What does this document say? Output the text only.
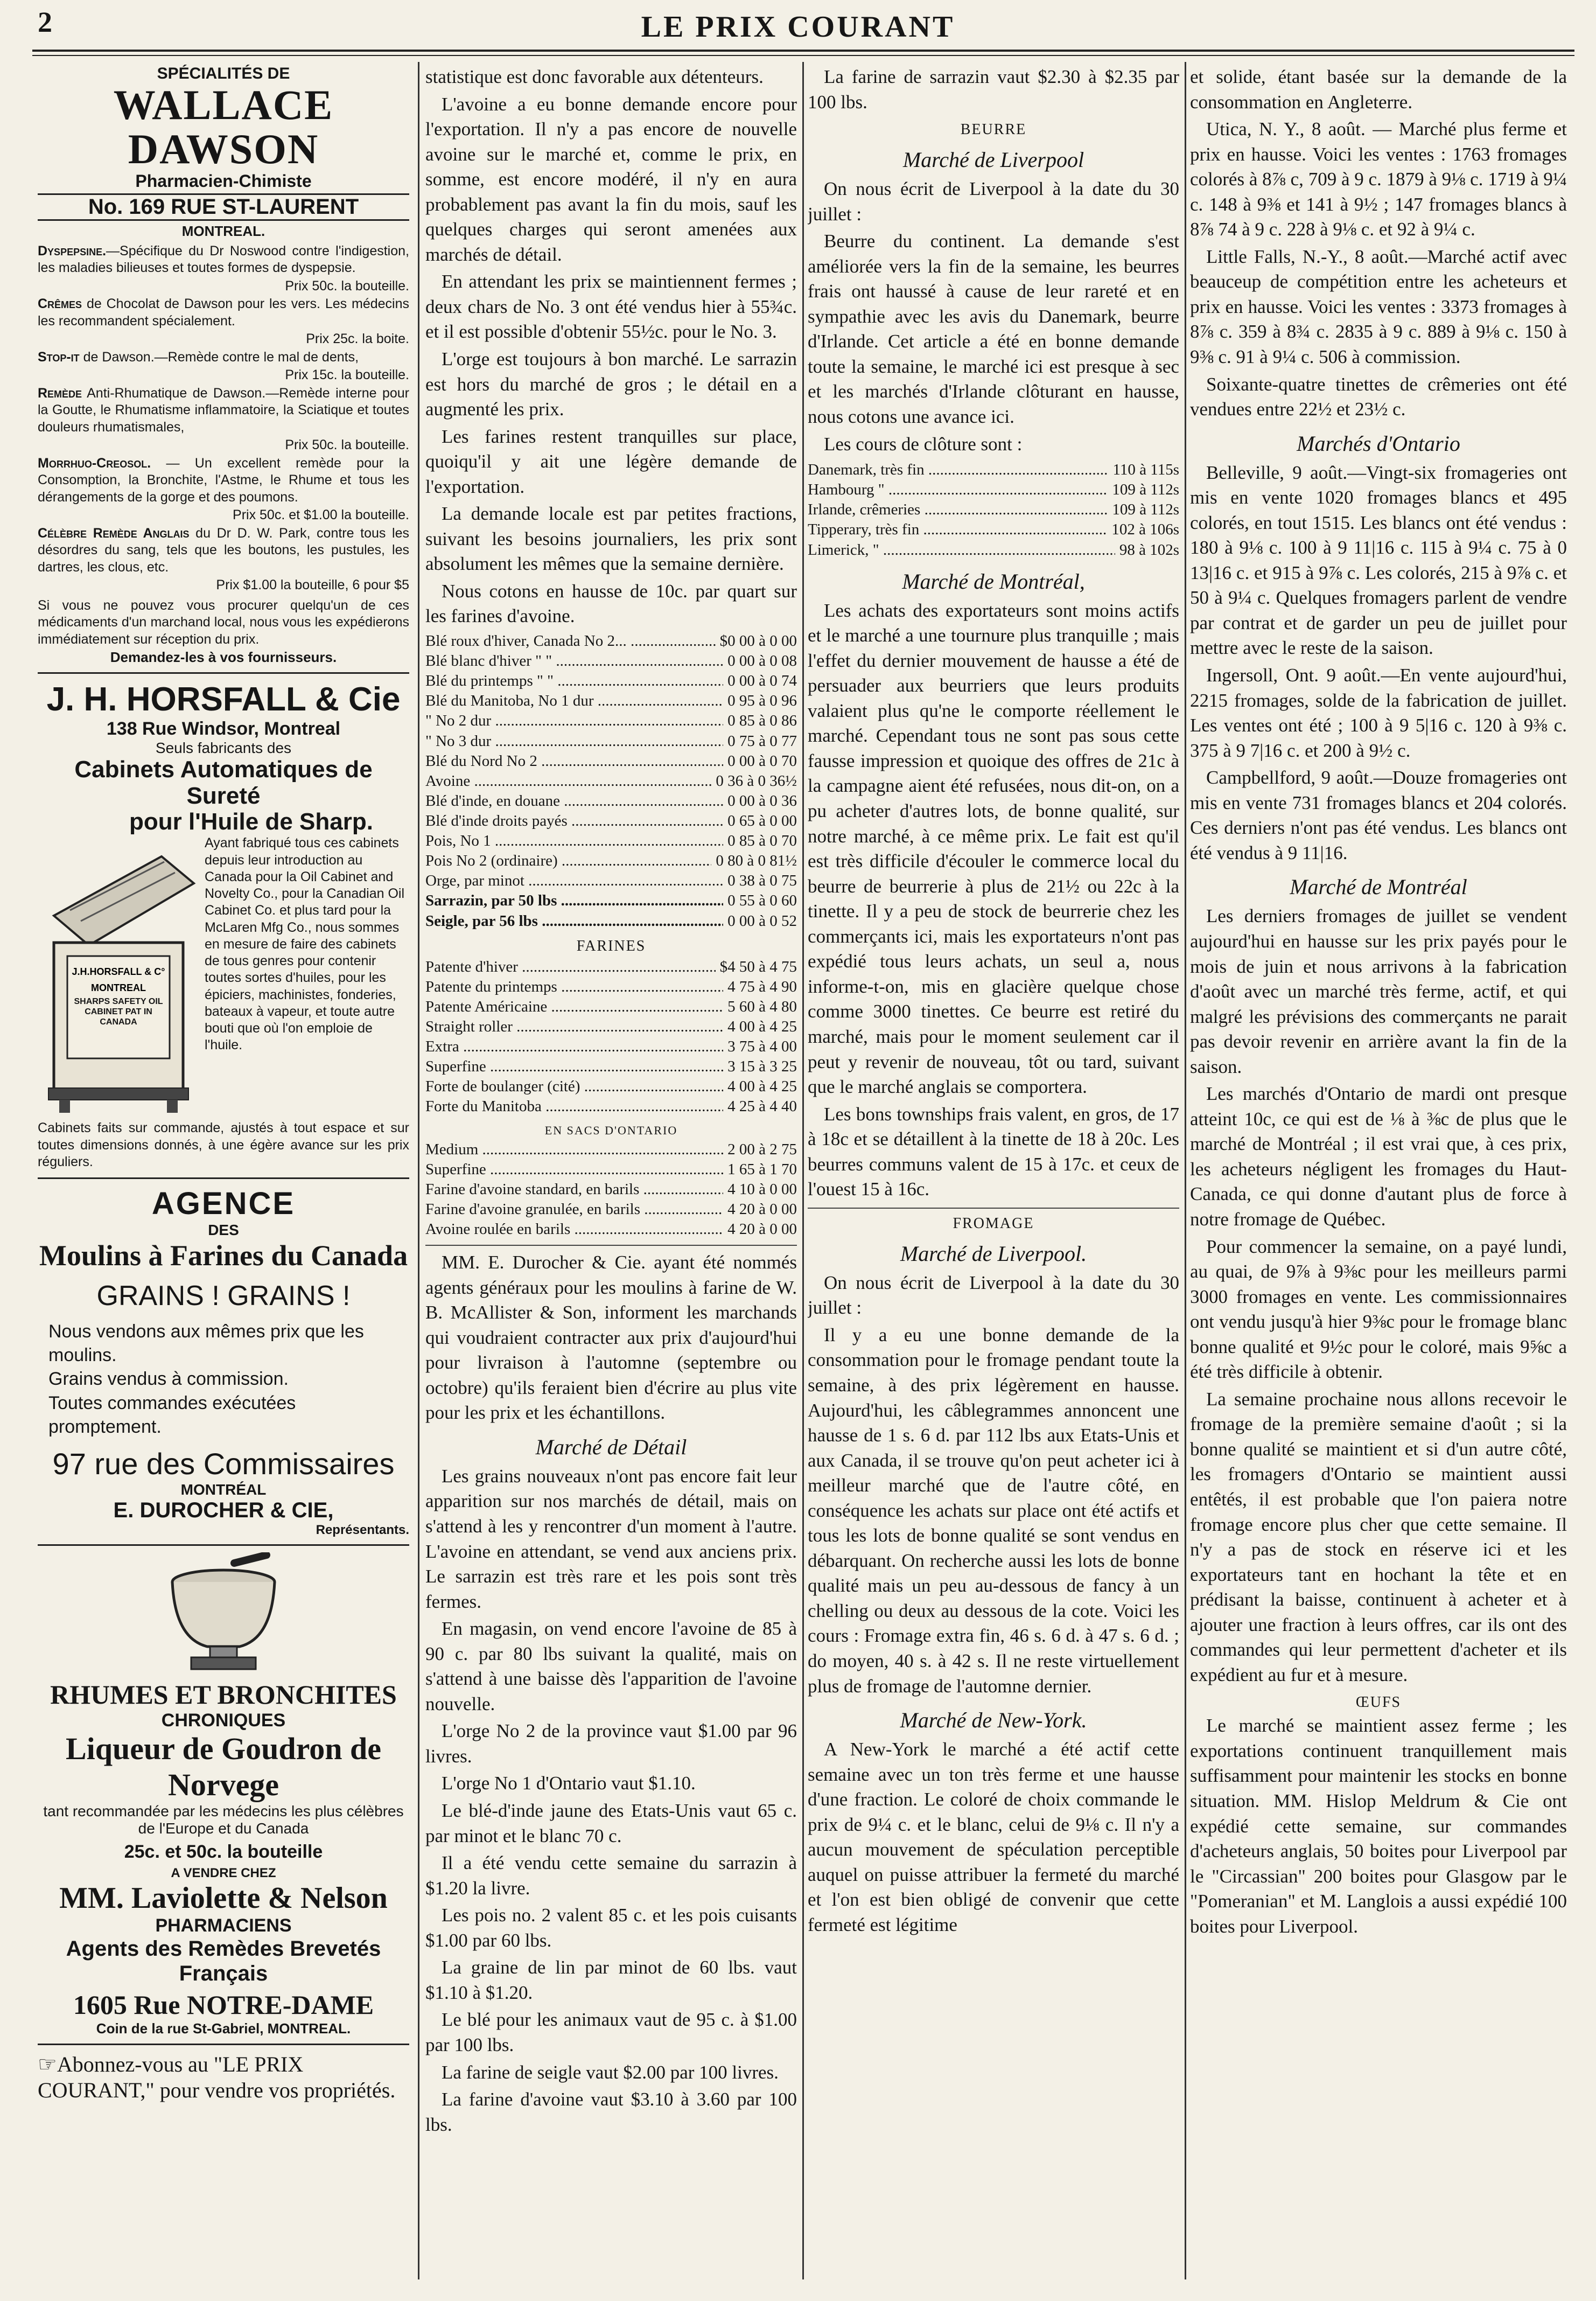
2	LE PRIX COURANT
SPÉCIALITÉS DE
WALLACE DAWSON
Pharmacien-Chimiste
No. 169 RUE ST-LAURENT
MONTREAL.
Dyspepsine.—Spécifique du Dr Noswood contre l'indigestion, les maladies bilieuses et toutes formes de dyspepsie.
Prix 50c. la bouteille.
Crêmes de Chocolat de Dawson pour les vers. Les médecins les recommandent spécialement.
Prix 25c. la boite.
Stop-it de Dawson.—Remède contre le mal de dents,
Prix 15c. la bouteille.
Remède Anti-Rhumatique de Dawson.—Remède interne pour la Goutte, le Rhumatisme inflammatoire, la Sciatique et toutes douleurs rhumatismales,
Prix 50c. la bouteille.
Morrhuo-Creosol. — Un excellent remède pour la Consomption, la Bronchite, l'Astme, le Rhume et tous les dérangements de la gorge et des poumons.
Prix 50c. et $1.00 la bouteille.
Célèbre Remède Anglais du Dr D. W. Park, contre tous les désordres du sang, tels que les boutons, les pustules, les dartres, les clous, etc.
Prix $1.00 la bouteille, 6 pour $5
Si vous ne pouvez vous procurer quelqu'un de ces médicaments d'un marchand local, nous vous les expédierons immédiatement sur réception du prix.
Demandez-les à vos fournisseurs.
J. H. HORSFALL & Cie
138 Rue Windsor, Montreal
Seuls fabricants des
Cabinets Automatiques de Sureté
pour l'Huile de Sharp.
J.H.HORSFALL & C°
MONTREAL
SHARPS SAFETY OIL CABINET PAT IN CANADA
Ayant fabriqué tous ces cabinets depuis leur introduction au Canada pour la Oil Cabinet and Novelty Co., pour la Canadian Oil Cabinet Co. et plus tard pour la McLaren Mfg Co., nous sommes en mesure de faire des cabinets de tous genres pour contenir toutes sortes d'huiles, pour les épiciers, machinistes, fonderies, bateaux à vapeur, et toute autre bouti que où l'on emploie de l'huile.
Cabinets faits sur commande, ajustés à tout espace et sur toutes dimensions donnés, à une égère avance sur les prix réguliers.
AGENCE
DES
Moulins à Farines du Canada
GRAINS ! GRAINS !
Nous vendons aux mêmes prix que les moulins.
Grains vendus à commission.
Toutes commandes exécutées promptement.
97 rue des Commissaires
MONTRÉAL
E. DUROCHER & CIE,
Représentants.
RHUMES ET BRONCHITES
CHRONIQUES
Liqueur de Goudron de Norvege
tant recommandée par les médecins les plus célèbres de l'Europe et du Canada
25c. et 50c. la bouteille
A VENDRE CHEZ
MM. Laviolette & Nelson
PHARMACIENS
Agents des Remèdes Brevetés Français
1605 Rue NOTRE-DAME
Coin de la rue St-Gabriel, MONTREAL.
☞Abonnez-vous au "LE PRIX COURANT," pour vendre vos propriétés.

statistique est donc favorable aux détenteurs.

L'avoine a eu bonne demande encore pour l'exportation. Il n'y a pas encore de nouvelle avoine sur le marché et, comme le prix, en somme, est encore modéré, il n'y en aura probablement pas avant la fin du mois, sauf les quelques charges qui seront amenées aux marchés de détail.

En attendant les prix se maintiennent fermes ; deux chars de No. 3 ont été vendus hier à 55¾c. et il est possible d'obtenir 55½c. pour le No. 3.

L'orge est toujours à bon marché. Le sarrazin est hors du marché de gros ; le détail en a augmenté les prix.

Les farines restent tranquilles sur place, quoiqu'il y ait une légère demande de l'exportation.

La demande locale est par petites fractions, suivant les besoins journaliers, les prix sont absolument les mêmes que la semaine dernière.

Nous cotons en hausse de 10c. par quart sur les farines d'avoine.

Blé roux d'hiver, Canada No 2... .....	$0 00 à 0 00
Blé blanc d'hiver " " .....	0 00 à 0 08
Blé du printemps " " .....	0 00 à 0 74
Blé du Manitoba, No 1 dur .....	0 95 à 0 96
" No 2 dur .....	0 85 à 0 86
" No 3 dur .....	0 75 à 0 77
Blé du Nord No 2 .....	0 00 à 0 70
Avoine .....	0 36 à 0 36½
Blé d'inde, en douane .....	0 00 à 0 36
Blé d'inde droits payés .....	0 65 à 0 00
Pois, No 1 .....	0 85 à 0 70
Pois No 2 (ordinaire) .....	0 80 à 0 81½
Orge, par minot .....	0 38 à 0 75
Sarrazin, par 50 lbs .....	0 55 à 0 60
Seigle, par 56 lbs .....	0 00 à 0 52
FARINES
Patente d'hiver .....	$4 50 à 4 75
Patente du printemps .....	4 75 à 4 90
Patente Américaine .....	5 60 à 4 80
Straight roller .....	4 00 à 4 25
Extra .....	3 75 à 4 00
Superfine .....	3 15 à 3 25
Forte de boulanger (cité) .....	4 00 à 4 25
Forte du Manitoba .....	4 25 à 4 40
EN SACS D'ONTARIO
Medium .....	2 00 à 2 75
Superfine .....	1 65 à 1 70
Farine d'avoine standard, en barils .....	4 10 à 0 00
Farine d'avoine granulée, en barils .....	4 20 à 0 00
Avoine roulée en barils .....	4 20 à 0 00

MM. E. Durocher & Cie. ayant été nommés agents généraux pour les moulins à farine de W. B. McAllister & Son, informent les marchands qui voudraient contracter aux prix d'aujourd'hui pour livraison à l'automne (septembre ou octobre) qu'ils feraient bien d'écrire au plus vite pour les prix et les échantillons.

Marché de Détail

Les grains nouveaux n'ont pas encore fait leur apparition sur nos marchés de détail, mais on s'attend à les y rencontrer d'un moment à l'autre. L'avoine en attendant, se vend aux anciens prix. Le sarrazin est très rare et les pois sont très fermes.

En magasin, on vend encore l'avoine de 85 à 90 c. par 80 lbs suivant la qualité, mais on s'attend à une baisse dès l'apparition de l'avoine nouvelle.

L'orge No 2 de la province vaut $1.00 par 96 livres.

L'orge No 1 d'Ontario vaut $1.10.

Le blé-d'inde jaune des Etats-Unis vaut 65 c. par minot et le blanc 70 c.

Il a été vendu cette semaine du sarrazin à $1.20 la livre.

Les pois no. 2 valent 85 c. et les pois cuisants $1.00 par 60 lbs.

La graine de lin par minot de 60 lbs. vaut $1.10 à $1.20.

Le blé pour les animaux vaut de 95 c. à $1.00 par 100 lbs.

La farine de seigle vaut $2.00 par 100 livres.

La farine d'avoine vaut $3.10 à 3.60 par 100 lbs.

La farine de sarrazin vaut $2.30 à $2.35 par 100 lbs.

BEURRE
Marché de Liverpool

On nous écrit de Liverpool à la date du 30 juillet :

Beurre du continent. La demande s'est améliorée vers la fin de la semaine, les beurres frais ont haussé à cause de leur rareté et en sympathie avec les avis du Danemark, beurre d'Irlande. Cet article a été en bonne demande toute la semaine, le marché ici est presque à sec et les marchés d'Irlande clôturant en hausse, nous cotons une avance ici.

Les cours de clôture sont :

Danemark, très fin .....	110 à 115s
Hambourg " .....	109 à 112s
Irlande, crêmeries .....	109 à 112s
Tipperary, très fin .....	102 à 106s
Limerick, " .....	98 à 102s
Marché de Montréal,

Les achats des exportateurs sont moins actifs et le marché a une tournure plus tranquille ; mais l'effet du dernier mouvement de hausse a été de persuader aux beurriers que leurs produits valaient plus qu'ne le comporte réellement le marché. Cependant tous ne sont pas sous cette fausse impression et quoique des offres de 21c à la campagne aient été refusées, nous dit-on, on a pu acheter d'autres lots, de bonne qualité, sur notre marché, à ce même prix. Le fait est qu'il est très difficile d'écouler le commerce local du beurre de beurrerie à plus de 21½ ou 22c à la tinette. Il y a peu de stock de beurrerie chez les commerçants ici, mais les exportateurs n'ont pas expédié tous leurs achats, un seul a, nous informe-t-on, mis en glacière quelque chose comme 3000 tinettes. Ce beurre est retiré du marché, mais pour le moment seulement car il peut y revenir de nouveau, tôt ou tard, suivant que le marché anglais se comportera.

Les bons townships frais valent, en gros, de 17 à 18c et se détaillent à la tinette de 18 à 20c. Les beurres communs valent de 15 à 17c. et ceux de l'ouest 15 à 16c.

FROMAGE
Marché de Liverpool.

On nous écrit de Liverpool à la date du 30 juillet :

Il y a eu une bonne demande de la consommation pour le fromage pendant toute la semaine, à des prix légèrement en hausse. Aujourd'hui, les câblegrammes annoncent une hausse de 1 s. 6 d. par 112 lbs aux Etats-Unis et aux Canada, il se trouve qu'on peut acheter ici à meilleur marché que de l'autre côté, en conséquence les achats sur place ont été actifs et tous les lots de bonne qualité se sont vendus en débarquant. On recherche aussi les lots de bonne qualité mais un peu au-dessous de fancy à un chelling ou deux au dessous de la cote. Voici les cours : Fromage extra fin, 46 s. 6 d. à 47 s. 6 d. ; do moyen, 40 s. à 42 s. Il ne reste virtuellement plus de fromage de l'automne dernier.

Marché de New-York.

A New-York le marché a été actif cette semaine avec un ton très ferme et une hausse d'une fraction. Le coloré de choix commande le prix de 9¼ c. et le blanc, celui de 9⅛ c. Il n'y a aucun mouvement de spéculation perceptible auquel on puisse attribuer la fermeté du marché et l'on est bien obligé de convenir que cette fermeté est légitime

et solide, étant basée sur la demande de la consommation en Angleterre.

Utica, N. Y., 8 août. — Marché plus ferme et prix en hausse. Voici les ventes : 1763 fromages colorés à 8⅞ c, 709 à 9 c. 1879 à 9⅛ c. 1719 à 9¼ c. 148 à 9⅜ et 141 à 9½ ; 147 fromages blancs à 8⅞ 74 à 9 c. 228 à 9⅛ c. et 92 à 9¼ c.

Little Falls, N.-Y., 8 août.—Marché actif avec beauceup de compétition entre les acheteurs et prix en hausse. Voici les ventes : 3373 fromages à 8⅞ c. 359 à 8¾ c. 2835 à 9 c. 889 à 9⅛ c. 150 à 9⅜ c. 91 à 9¼ c. 506 à commission.

Soixante-quatre tinettes de crêmeries ont été vendues entre 22½ et 23½ c.

Marchés d'Ontario

Belleville, 9 août.—Vingt-six fromageries ont mis en vente 1020 fromages blancs et 495 colorés, en tout 1515. Les blancs ont été vendus : 180 à 9⅛ c. 100 à 9 11|16 c. 115 à 9¼ c. 75 à 0 13|16 c. et 915 à 9⅞ c. Les colorés, 215 à 9⅞ c. et 50 à 9¼ c. Quelques fromagers parlent de vendre par contrat et de garder un peu de juillet pour mettre avec le reste de la saison.

Ingersoll, Ont. 9 août.—En vente aujourd'hui, 2215 fromages, solde de la fabrication de juillet. Les ventes ont été ; 100 à 9 5|16 c. 120 à 9⅜ c. 375 à 9 7|16 c. et 200 à 9½ c.

Campbellford, 9 août.—Douze fromageries ont mis en vente 731 fromages blancs et 204 colorés. Ces derniers n'ont pas été vendus. Les blancs ont été vendus à 9 11|16.

Marché de Montréal

Les derniers fromages de juillet se vendent aujourd'hui en hausse sur les prix payés pour le mois de juin et nous arrivons à la fabrication d'août avec un marché très ferme, actif, et qui malgré les prévisions des commerçants ne parait pas devoir revenir en arrière avant la fin de la saison.

Les marchés d'Ontario de mardi ont presque atteint 10c, ce qui est de ⅛ à ⅜c de plus que le marché de Montréal ; il est vrai que, à ces prix, les acheteurs négligent les fromages du Haut-Canada, ce qui donne d'autant plus de force à notre fromage de Québec.

Pour commencer la semaine, on a payé lundi, au quai, de 9⅞ à 9⅜c pour les meilleurs parmi 3000 fromages en vente. Les commissionnaires ont vendu jusqu'à hier 9⅜c pour le fromage blanc bonne qualité et 9½c pour le coloré, mais 9⅝c a été très difficile à obtenir.

La semaine prochaine nous allons recevoir le fromage de la première semaine d'août ; si la bonne qualité se maintient et si d'un autre côté, les fromagers d'Ontario se maintient aussi entêtés, il est probable que l'on paiera notre fromage encore plus cher que cette semaine. Il n'y a pas de stock en réserve ici et les exportateurs tant en hochant la tête et en prédisant la baisse, continuent à acheter et à ajouter une fraction à leurs offres, car ils ont des commandes qui leur permettent d'acheter et ils expédient au fur et à mesure.

ŒUFS

Le marché se maintient assez ferme ; les exportations continuent tranquillement mais suffisamment pour maintenir les stocks en bonne situation. MM. Hislop Meldrum & Cie ont expédié cette semaine, sur commandes d'acheteurs anglais, 50 boites pour Liverpool par le "Circassian" 200 boites pour Glasgow par le "Pomeranian" et M. Langlois a aussi expédié 100 boites pour Liverpool.
